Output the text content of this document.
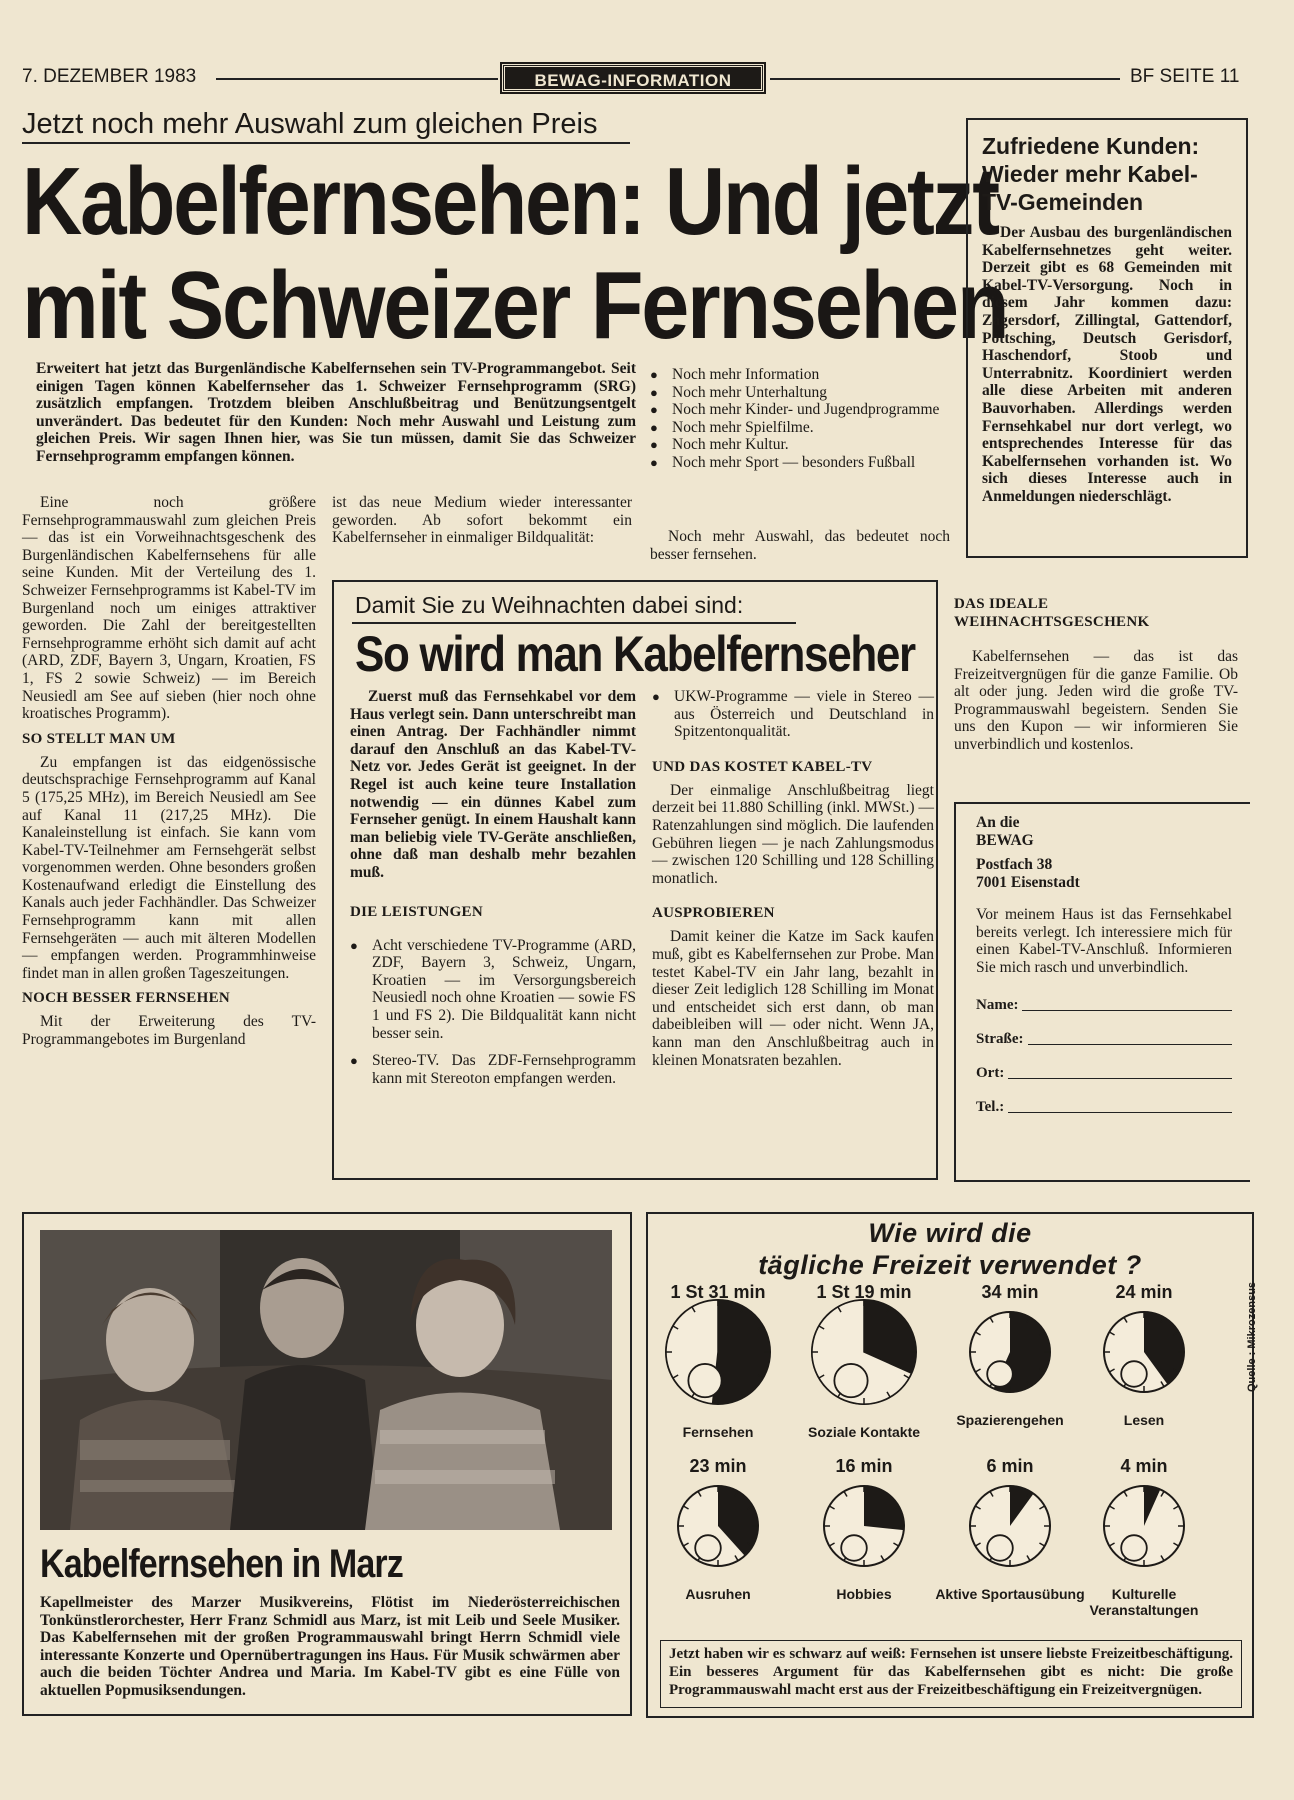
7. DEZEMBER 1983	BEWAG-INFORMATION	BF SEITE 11
Jetzt noch mehr Auswahl zum gleichen Preis
Kabelfernsehen: Und jetzt
mit Schweizer Fernsehen

Erweitert hat jetzt das Burgenländische Kabelfernsehen sein TV-Programmangebot. Seit einigen Tagen können Kabelfernseher das 1. Schweizer Fernsehprogramm (SRG) zusätzlich empfangen. Trotzdem bleiben Anschlußbeitrag und Benützungsentgelt unverändert. Das bedeutet für den Kunden: Noch mehr Auswahl und Leistung zum gleichen Preis. Wir sagen Ihnen hier, was Sie tun müssen, damit Sie das Schweizer Fernsehprogramm empfangen können.

● Noch mehr Information
● Noch mehr Unterhaltung
● Noch mehr Kinder- und Jugendprogramme
● Noch mehr Spielfilme.
● Noch mehr Kultur.
● Noch mehr Sport — besonders Fußball

Noch mehr Auswahl, das bedeutet noch besser fernsehen.

Eine noch größere Fernsehprogrammauswahl zum gleichen Preis — das ist ein Vorweihnachtsgeschenk des Burgenländischen Kabelfernsehens für alle seine Kunden. Mit der Verteilung des 1. Schweizer Fernsehprogramms ist Kabel-TV im Burgenland noch um einiges attraktiver geworden. Die Zahl der bereitgestellten Fernsehprogramme erhöht sich damit auf acht (ARD, ZDF, Bayern 3, Ungarn, Kroatien, FS 1, FS 2 sowie Schweiz) — im Bereich Neusiedl am See auf sieben (hier noch ohne kroatisches Programm).

SO STELLT MAN UM

Zu empfangen ist das eidgenössische deutschsprachige Fernsehprogramm auf Kanal 5 (175,25 MHz), im Bereich Neusiedl am See auf Kanal 11 (217,25 MHz). Die Kanaleinstellung ist einfach. Sie kann vom Kabel-TV-Teilnehmer am Fernsehgerät selbst vorgenommen werden. Ohne besonders großen Kostenaufwand erledigt die Einstellung des Kanals auch jeder Fachhändler. Das Schweizer Fernsehprogramm kann mit allen Fernsehgeräten — auch mit älteren Modellen — empfangen werden. Programmhinweise findet man in allen großen Tageszeitungen.

NOCH BESSER FERNSEHEN

Mit der Erweiterung des TV-Programmangebotes im Burgenland

ist das neue Medium wieder interessanter geworden. Ab sofort bekommt ein Kabelfernseher in einmaliger Bildqualität:

Zufriedene Kunden: Wieder mehr Kabel-TV-Gemeinden

Der Ausbau des burgenländischen Kabelfernsehnetzes geht weiter. Derzeit gibt es 68 Gemeinden mit Kabel-TV-Versorgung. Noch in diesem Jahr kommen dazu: Zagersdorf, Zillingtal, Gattendorf, Pöttsching, Deutsch Gerisdorf, Haschendorf, Stoob und Unterrabnitz. Koordiniert werden alle diese Arbeiten mit anderen Bauvorhaben. Allerdings werden Fernsehkabel nur dort verlegt, wo entsprechendes Interesse für das Kabelfernsehen vorhanden ist. Wo sich dieses Interesse auch in Anmeldungen niederschlägt.

Damit Sie zu Weihnachten dabei sind:
So wird man Kabelfernseher

Zuerst muß das Fernsehkabel vor dem Haus verlegt sein. Dann unterschreibt man einen Antrag. Der Fachhändler nimmt darauf den Anschluß an das Kabel-TV-Netz vor. Jedes Gerät ist geeignet. In der Regel ist auch keine teure Installation notwendig — ein dünnes Kabel zum Fernseher genügt. In einem Haushalt kann man beliebig viele TV-Geräte anschließen, ohne daß man deshalb mehr bezahlen muß.

DIE LEISTUNGEN
● Acht verschiedene TV-Programme (ARD, ZDF, Bayern 3, Schweiz, Ungarn, Kroatien — im Versorgungsbereich Neusiedl noch ohne Kroatien — sowie FS 1 und FS 2). Die Bildqualität kann nicht besser sein.
● Stereo-TV. Das ZDF-Fernsehprogramm kann mit Stereoton empfangen werden.
● UKW-Programme — viele in Stereo — aus Österreich und Deutschland in Spitzentonqualität.
UND DAS KOSTET KABEL-TV

Der einmalige Anschlußbeitrag liegt derzeit bei 11.880 Schilling (inkl. MWSt.) — Ratenzahlungen sind möglich. Die laufenden Gebühren liegen — je nach Zahlungsmodus — zwischen 120 Schilling und 128 Schilling monatlich.

AUSPROBIEREN

Damit keiner die Katze im Sack kaufen muß, gibt es Kabelfernsehen zur Probe. Man testet Kabel-TV ein Jahr lang, bezahlt in dieser Zeit lediglich 128 Schilling im Monat und entscheidet sich erst dann, ob man dabeibleiben will — oder nicht. Wenn JA, kann man den Anschlußbeitrag auch in kleinen Monatsraten bezahlen.

DAS IDEALE
WEIHNACHTSGESCHENK

Kabelfernsehen — das ist das Freizeitvergnügen für die ganze Familie. Ob alt oder jung. Jeden wird die große TV-Programmauswahl begeistern. Senden Sie uns den Kupon — wir informieren Sie unverbindlich und kostenlos.

An die
BEWAG
Postfach 38
7001 Eisenstadt

Vor meinem Haus ist das Fernsehkabel bereits verlegt. Ich interessiere mich für einen Kabel-TV-Anschluß. Informieren Sie mich rasch und unverbindlich.

Name:
Straße:
Ort:
Tel.:
Kabelfernsehen in Marz

Kapellmeister des Marzer Musikvereins, Flötist im Niederösterreichischen Tonkünstlerorchester, Herr Franz Schmidl aus Marz, ist mit Leib und Seele Musiker. Das Kabelfernsehen mit der großen Programmauswahl bringt Herrn Schmidl viele interessante Konzerte und Opernübertragungen ins Haus. Für Musik schwärmen aber auch die beiden Töchter Andrea und Maria. Im Kabel-TV gibt es eine Fülle von aktuellen Popmusiksendungen.

Wie wird die
tägliche Freizeit verwendet ?
Quelle : Mikrozensus
1 St 31 min
Fernsehen
1 St 19 min
Soziale Kontakte
34 min
Spazierengehen
24 min
Lesen
23 min
Ausruhen
16 min
Hobbies
6 min
Aktive Sportausübung
4 min
Kulturelle Veranstaltungen

Jetzt haben wir es schwarz auf weiß: Fernsehen ist unsere liebste Freizeitbeschäftigung. Ein besseres Argument für das Kabelfernsehen gibt es nicht: Die große Programmauswahl macht erst aus der Freizeitbeschäftigung ein Freizeitvergnügen.
